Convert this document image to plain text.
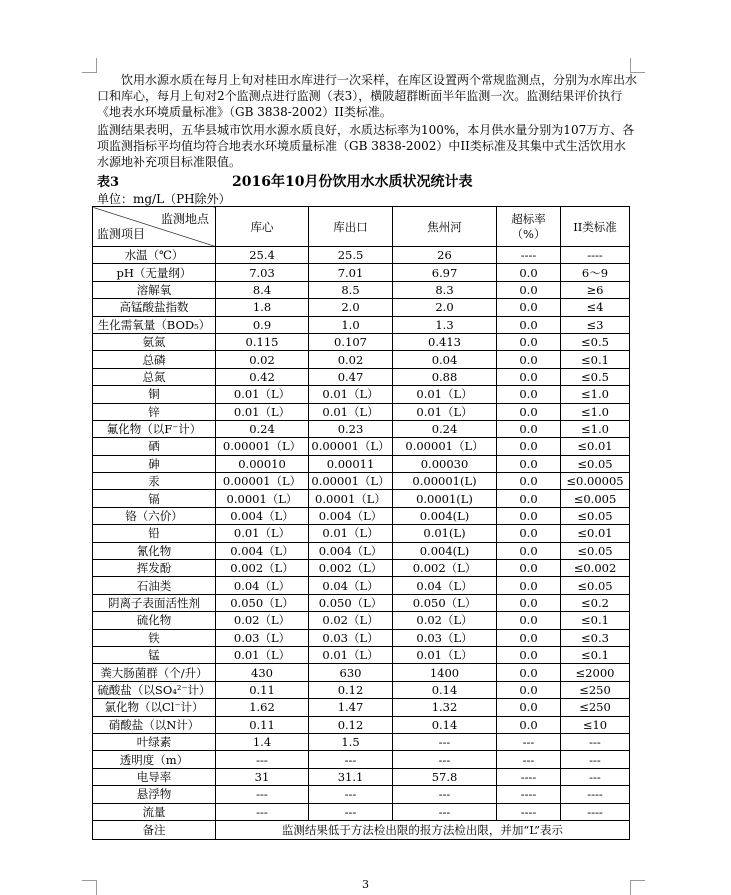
饮用水源水质在每月上旬对桂田水库进行一次采样，在库区设置两个常规监测点，分别为水库出水口和库心，每月上旬对2个监测点进行监测（表3），横陂超群断面半年监测一次。监测结果评价执行《地表水环境质量标准》（GB 3838-2002）II类标准。

监测结果表明，五华县城市饮用水源水质良好，水质达标率为100%，本月供水量分别为107万方、各项监测指标平均值均符合地表水环境质量标准（GB 3838-2002）中II类标准及其集中式生活饮用水水源地补充项目标准限值。

表3	2016年10月份饮用水水质状况统计表
单位：mg/L（PH除外）
监测地点
监测项目	库心	库出口	焦州河	超标率（%）	II类标准
水温（℃）	25.4	25.5	26	----	----
pH（无量纲）	7.03	7.01	6.97	0.0	6～9
溶解氧	8.4	8.5	8.3	0.0	≥6
高锰酸盐指数	1.8	2.0	2.0	0.0	≤4
生化需氧量（BOD₅）	0.9	1.0	1.3	0.0	≤3
氨氮	0.115	0.107	0.413	0.0	≤0.5
总磷	0.02	0.02	0.04	0.0	≤0.1
总氮	0.42	0.47	0.88	0.0	≤0.5
铜	0.01（L）	0.01（L）	0.01（L）	0.0	≤1.0
锌	0.01（L）	0.01（L）	0.01（L）	0.0	≤1.0
氟化物（以F⁻计）	0.24	0.23	0.24	0.0	≤1.0
硒	0.00001（L）	0.00001（L）	0.00001（L）	0.0	≤0.01
砷	0.00010	0.00011	0.00030	0.0	≤0.05
汞	0.00001（L）	0.00001（L）	0.00001(L)	0.0	≤0.00005
镉	0.0001（L）	0.0001（L）	0.0001(L)	0.0	≤0.005
铬（六价）	0.004（L）	0.004（L）	0.004(L)	0.0	≤0.05
铅	0.01（L）	0.01（L）	0.01(L)	0.0	≤0.01
氰化物	0.004（L）	0.004（L）	0.004(L)	0.0	≤0.05
挥发酚	0.002（L）	0.002（L）	0.002（L）	0.0	≤0.002
石油类	0.04（L）	0.04（L）	0.04（L）	0.0	≤0.05
阴离子表面活性剂	0.050（L）	0.050（L）	0.050（L）	0.0	≤0.2
硫化物	0.02（L）	0.02（L）	0.02（L）	0.0	≤0.1
铁	0.03（L）	0.03（L）	0.03（L）	0.0	≤0.3
锰	0.01（L）	0.01（L）	0.01（L）	0.0	≤0.1
粪大肠菌群（个/升）	430	630	1400	0.0	≤2000
硫酸盐（以SO₄²⁻计）	0.11	0.12	0.14	0.0	≤250
氯化物（以Cl⁻计）	1.62	1.47	1.32	0.0	≤250
硝酸盐（以N计）	0.11	0.12	0.14	0.0	≤10
叶绿素	1.4	1.5	---	---	---
透明度（m）	---	---	---	---	---
电导率	31	31.1	57.8	----	---
悬浮物	---	---	---	----	----
流量	---	---	---	----	----
备注	监测结果低于方法检出限的报方法检出限，并加“L”表示				
3
